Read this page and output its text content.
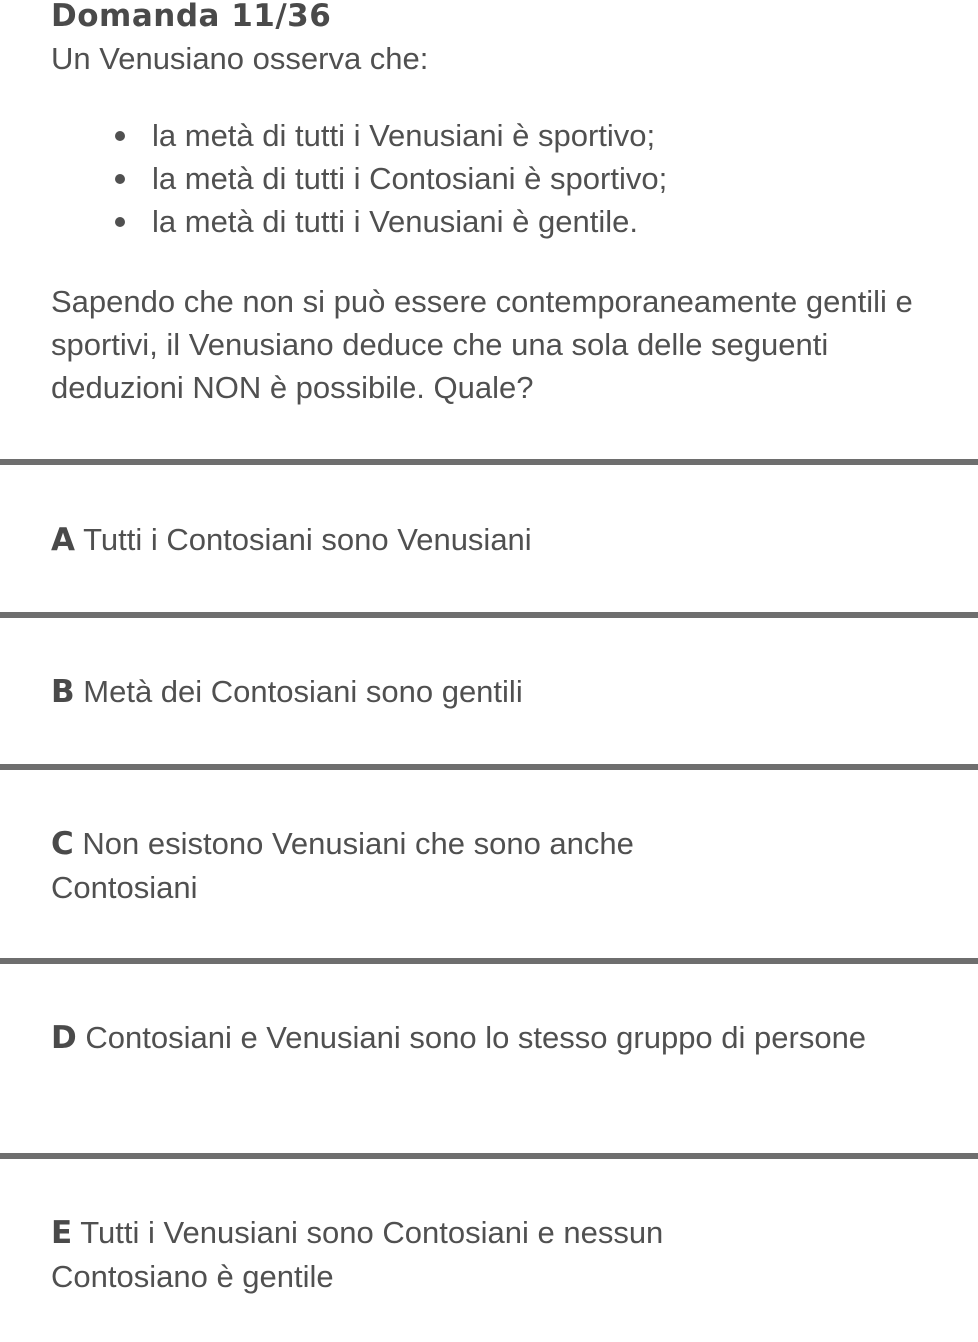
Domanda 11/36
Un Venusiano osserva che:
la metà di tutti i Venusiani è sportivo;
la metà di tutti i Contosiani è sportivo;
la metà di tutti i Venusiani è gentile.
Sapendo che non si può essere contemporaneamente gentili e sportivi, il Venusiano deduce che una sola delle seguenti deduzioni NON è possibile. Quale?
A Tutti i Contosiani sono Venusiani
B Metà dei Contosiani sono gentili
C Non esistono Venusiani che sono anche Contosiani
D Contosiani e Venusiani sono lo stesso gruppo di persone
E Tutti i Venusiani sono Contosiani e nessun Contosiano è gentile
